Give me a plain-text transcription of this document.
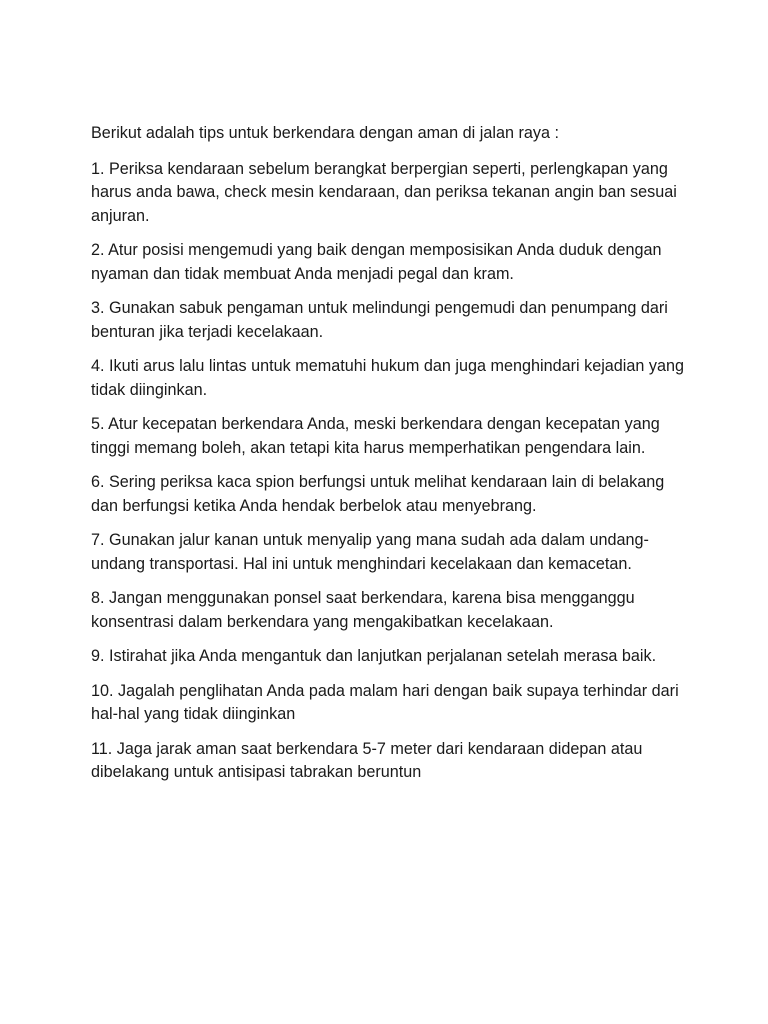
Berikut adalah tips untuk berkendara dengan aman di jalan raya :

1. Periksa kendaraan sebelum berangkat berpergian seperti, perlengkapan yang harus anda bawa, check mesin kendaraan, dan periksa tekanan angin ban sesuai anjuran.

2. Atur posisi mengemudi yang baik dengan memposisikan Anda duduk dengan nyaman dan tidak membuat Anda menjadi pegal dan kram.

3. Gunakan sabuk pengaman untuk melindungi pengemudi dan penumpang dari benturan jika terjadi kecelakaan.

4. Ikuti arus lalu lintas untuk mematuhi hukum dan juga menghindari kejadian yang tidak diinginkan.

5. Atur kecepatan berkendara Anda, meski berkendara dengan kecepatan yang tinggi memang boleh, akan tetapi kita harus memperhatikan pengendara lain.

6. Sering periksa kaca spion berfungsi untuk melihat kendaraan lain di belakang dan berfungsi ketika Anda hendak berbelok atau menyebrang.

7. Gunakan jalur kanan untuk menyalip yang mana sudah ada dalam undang-undang transportasi. Hal ini untuk menghindari kecelakaan dan kemacetan.

8. Jangan menggunakan ponsel saat berkendara, karena bisa mengganggu konsentrasi dalam berkendara yang mengakibatkan kecelakaan.

9. Istirahat jika Anda mengantuk dan lanjutkan perjalanan setelah merasa baik.

10. Jagalah penglihatan Anda pada malam hari dengan baik supaya terhindar dari hal-hal yang tidak diinginkan

11. Jaga jarak aman saat berkendara 5-7 meter dari kendaraan didepan atau dibelakang untuk antisipasi tabrakan beruntun
